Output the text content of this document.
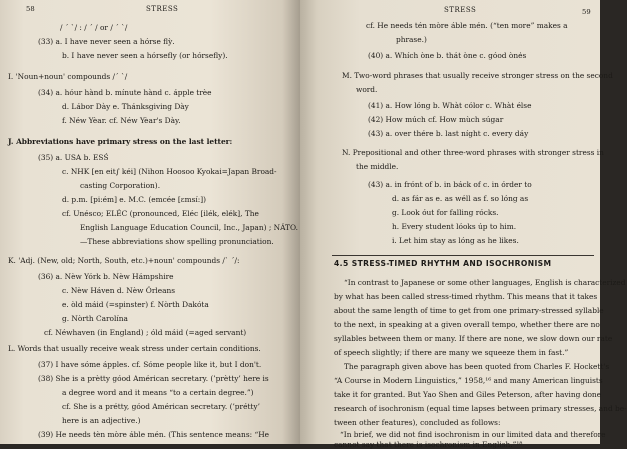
58	STRESS
/ ˊ ˋ/ : / ˊ / or / ˊ ˋ/
(33) a. I have never seen a hórse flỳ.
b. I have never seen a hórsefly (or hórsefly).
I. 'Noun+noun' compounds /ˊ ˋ/
(34) a. hóur hànd b. mínute hànd c. ápple trèe
d. Lábor Dày e. Thánksgiving Dày
f. Néw Yèar. cf. Néw Yèar's Dày.
J. Abbreviations have primary stress on the last letter:
(35) a. USA b. ESŚ
c. NHK [en eit∫ kéi] (Nihon Hoosoo Kyokai=Japan Broad-
casting Corporation).
d. p.m. [pi:ém] e. M.C. (emcée [ɛmsí:])
cf. Unésco; ELÉC (pronounced, Eléc [ilék, elék], The
English Language Education Council, Inc., Japan) ; NÁTO.
—These abbreviations show spelling pronunciation.
K. 'Adj. (New, old; North, South, etc.)+noun' compounds /ˋ ˊ/:
(36) a. Nèw Yórk b. Nèw Hámpshire
c. Nèw Háven d. Nèw Órleans
e. òld máid (=spinster) f. Nòrth Dakóta
g. Nòrth Carolína
cf. Néwhaven (in England) ; óld máid (=aged servant)
L. Words that usually receive weak stress under certain conditions.
(37) I have sóme ápples. cf. Sóme people like it, but I don't.
(38) She is a prètty góod Américan secretary. (’prètty’ here is
a degree word and it means “to a certain degree.”)
cf. She is a prétty, góod Américan secretary. (’prétty’
here is an adjective.)
(39) He needs tèn mòre áble mén. (This sentence means: “He
STRESS	59
cf. He needs tén mòre áble mén. (“ten more” makes a
phrase.)
(40) a. Whích òne b. thát òne c. góod òne̍s
M. Two-word phrases that usually receive stronger stress on the second
word.
(41) a. How lóng b. Whàt cólor c. Whàt élse
(42) How múch cf. How mùch súgar
(43) a. over thére b. last níght c. every dáy
N. Prepositional and other three-word phrases with stronger stress in
the middle.
(43) a. in frónt of b. in báck of c. in órder to
d. as fár as e. as wéll as f. so lóng as
g. Look óut for falling rócks.
h. Every student lóoks úp to him.
i. Let him stay as lóng as he likes.
4.5 STRESS-TIMED RHYTHM AND ISOCHRONISM
“In contrast to Japanese or some other languages, English is characterized
by what has been called stress-timed rhythm. This means that it takes
about the same length of time to get from one primary-stressed syllable
to the next, in speaking at a given overall tempo, whether there are no
syllables between them or many. If there are none, we slow down our rate
of speech slightly; if there are many we squeeze them in fast.”
The paragraph given above has been quoted from Charles F. Hockett's
“A Course in Modern Linguistics,” 1958,¹⁶ and many American linguists
take it for granted. But Yao Shen and Giles Peterson, after having done
research of isochronism (equal time lapses between primary stresses, and be-
tween other features), concluded as follows:
“In brief, we did not find isochronism in our limited data and therefore
cannot say that there is isochronism in English.”¹⁸
